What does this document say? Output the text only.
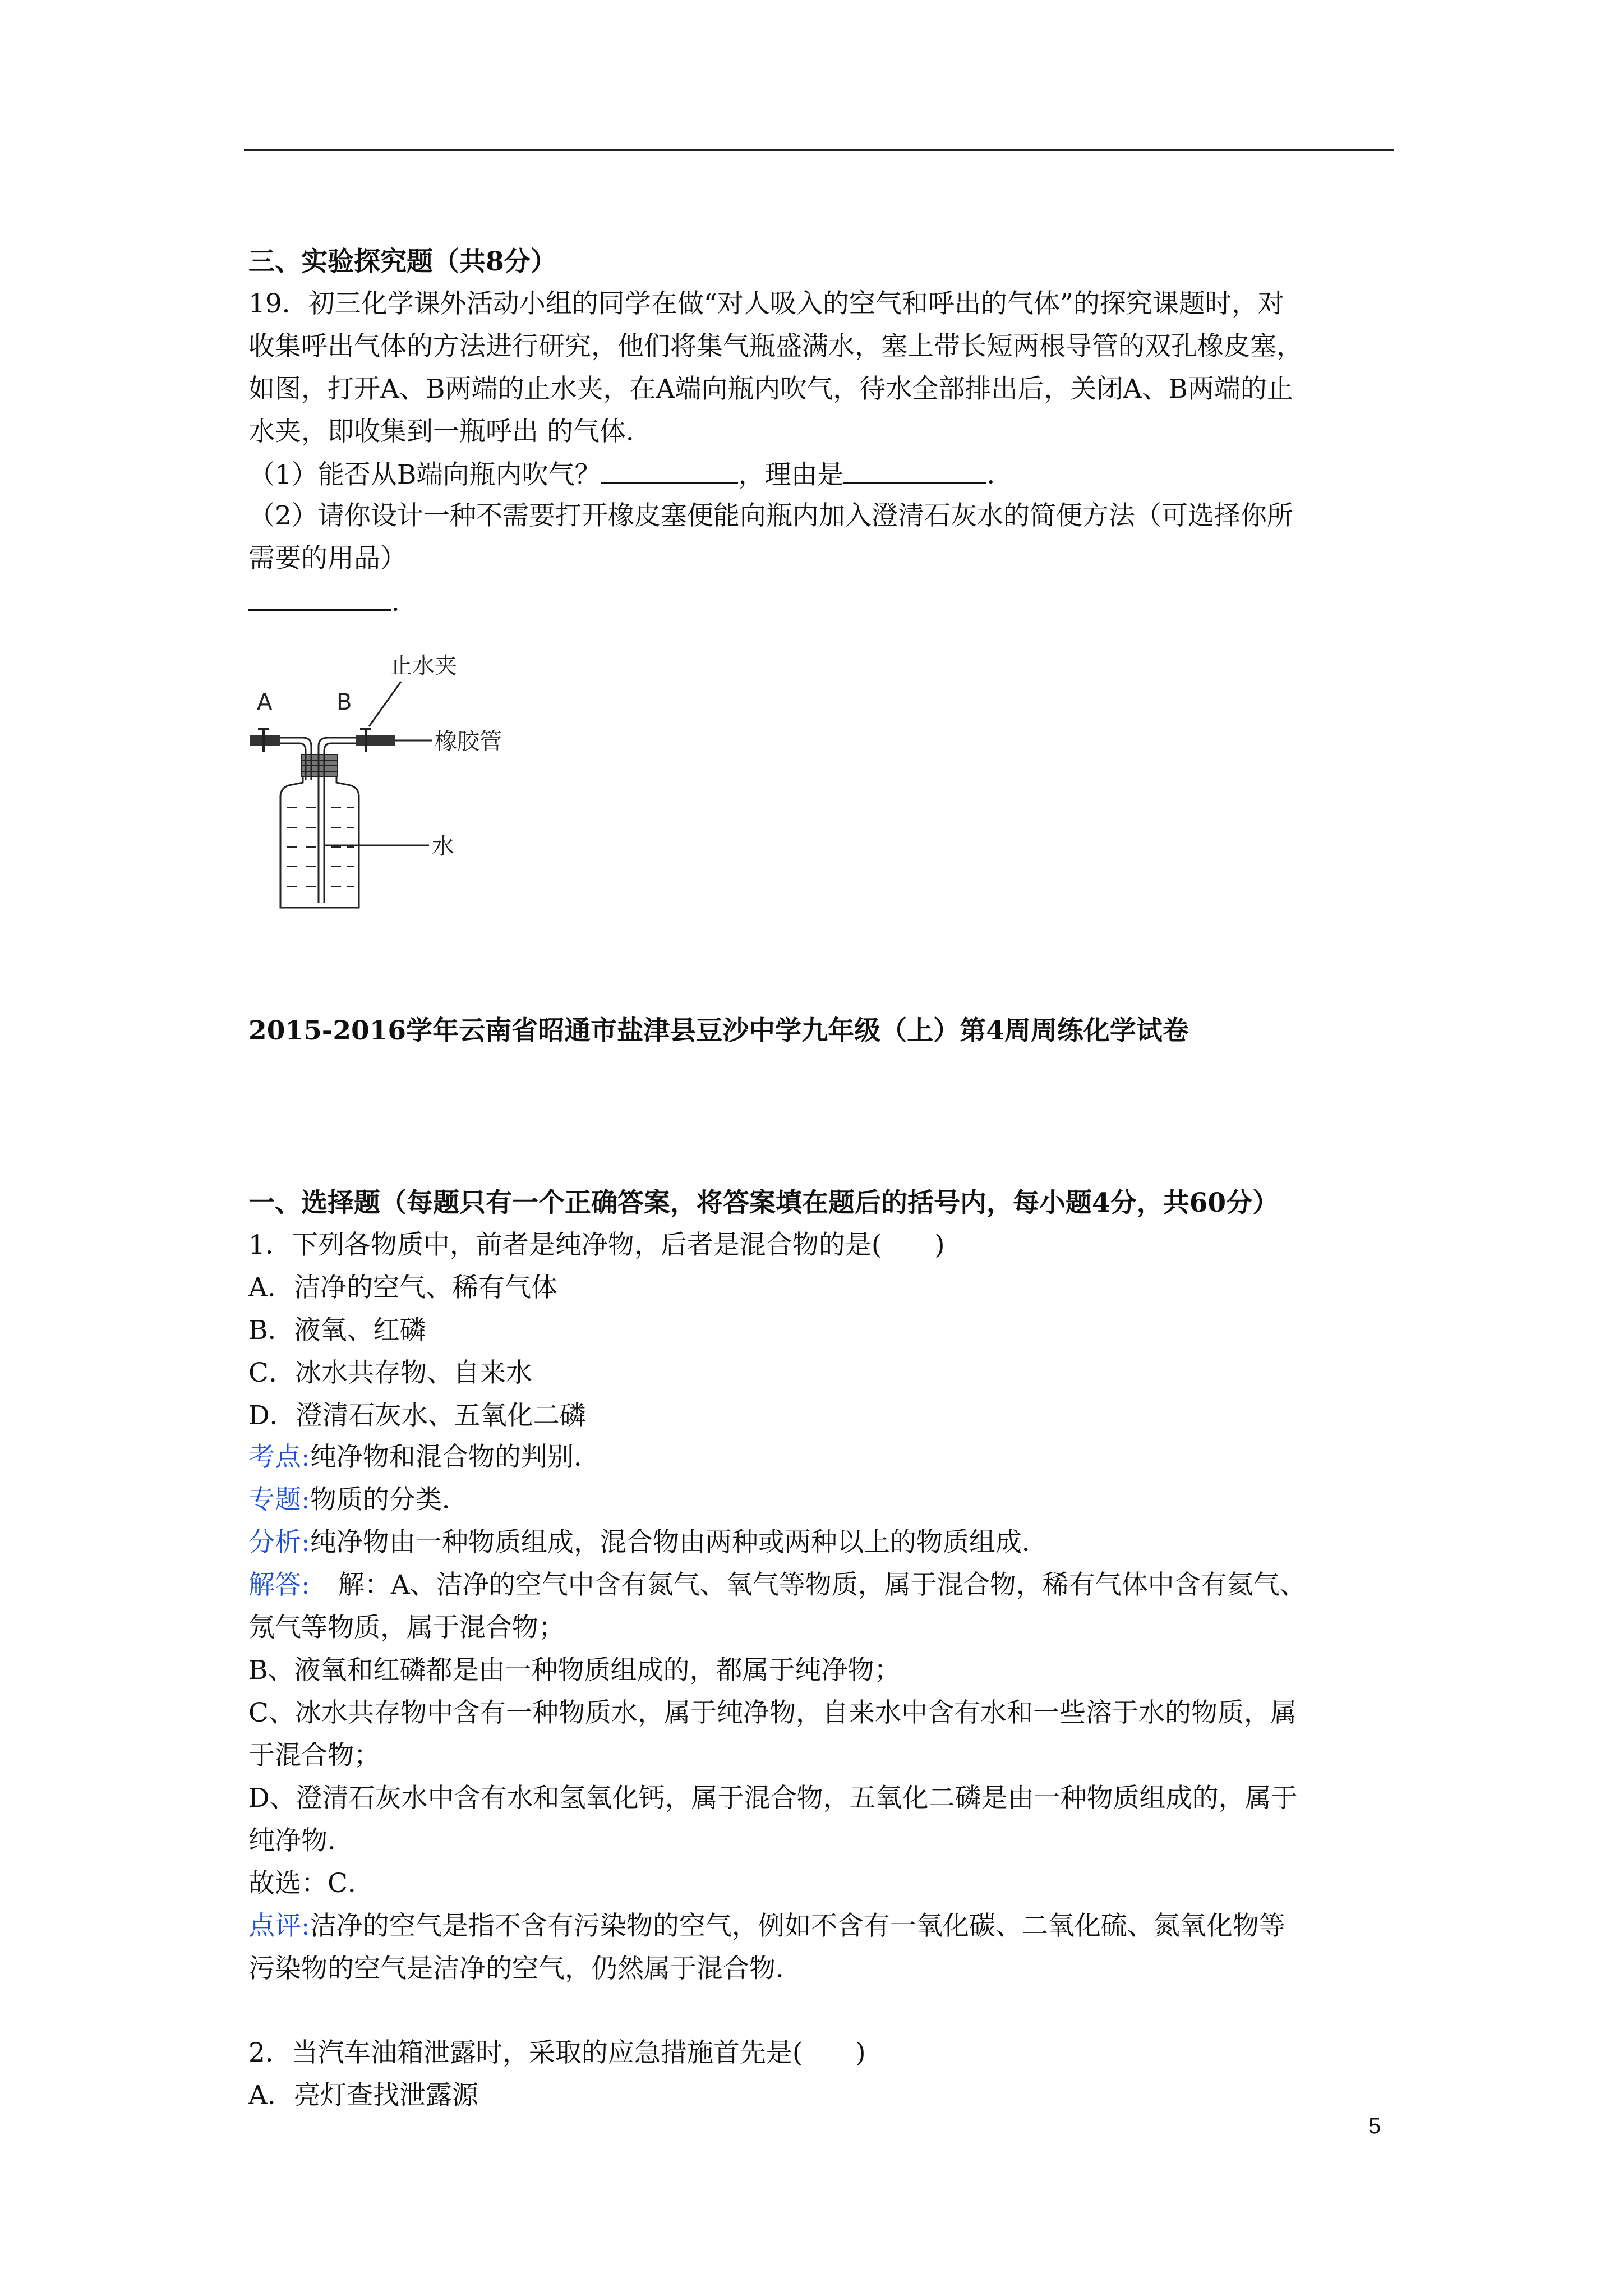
三、实验探究题（共8分）
19．初三化学课外活动小组的同学在做“对人吸入的空气和呼出的气体”的探究课题时，对
收集呼出气体的方法进行研究，他们将集气瓶盛满水，塞上带长短两根导管的双孔橡皮塞，
如图，打开A、B两端的止水夹，在A端向瓶内吹气，待水全部排出后，关闭A、B两端的止
水夹，即收集到一瓶呼出 的气体．
（1）能否从B端向瓶内吹气？	，理由是	．
（2）请你设计一种不需要打开橡皮塞便能向瓶内加入澄清石灰水的简便方法（可选择你所
需要的用品）
．
A	B
止水夹
橡胶管
水
2015-2016学年云南省昭通市盐津县豆沙中学九年级（上）第4周周练化学试卷
一、选择题（每题只有一个正确答案，将答案填在题后的括号内，每小题4分，共60分）
1．下列各物质中，前者是纯净物，后者是混合物的是(　　)
A．洁净的空气、稀有气体
B．液氧、红磷
C．冰水共存物、自来水
D．澄清石灰水、五氧化二磷
考点:纯净物和混合物的判别．
专题:物质的分类．
分析:纯净物由一种物质组成，混合物由两种或两种以上的物质组成．
解答: 解：A、洁净的空气中含有氮气、氧气等物质，属于混合物，稀有气体中含有氦气、
氖气等物质，属于混合物；
B、液氧和红磷都是由一种物质组成的，都属于纯净物；
C、冰水共存物中含有一种物质水，属于纯净物，自来水中含有水和一些溶于水的物质，属
于混合物；
D、澄清石灰水中含有水和氢氧化钙，属于混合物，五氧化二磷是由一种物质组成的，属于
纯净物．
故选：C．
点评:洁净的空气是指不含有污染物的空气，例如不含有一氧化碳、二氧化硫、氮氧化物等
污染物的空气是洁净的空气，仍然属于混合物．
2．当汽车油箱泄露时，采取的应急措施首先是(　　)
A．亮灯查找泄露源
5
